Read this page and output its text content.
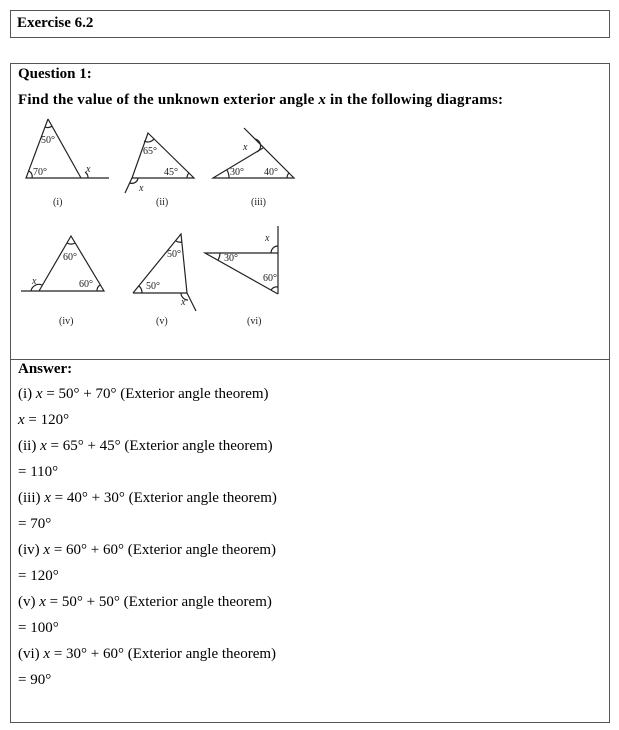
Exercise 6.2
Question 1:
Find the value of the unknown exterior angle x in the following diagrams:
50°
70°	x
(i)
65°
45°
x
(ii)
x
30° 40°
(iii)
60°
60°
x
(iv)
50°
50°
x
(v)
30°
60°
x
(vi)
Answer:
(i) x = 50° + 70° (Exterior angle theorem)
x = 120°
(ii) x = 65° + 45° (Exterior angle theorem)
= 110°
(iii) x = 40° + 30° (Exterior angle theorem)
= 70°
(iv) x = 60° + 60° (Exterior angle theorem)
= 120°
(v) x = 50° + 50° (Exterior angle theorem)
= 100°
(vi) x = 30° + 60° (Exterior angle theorem)
= 90°
